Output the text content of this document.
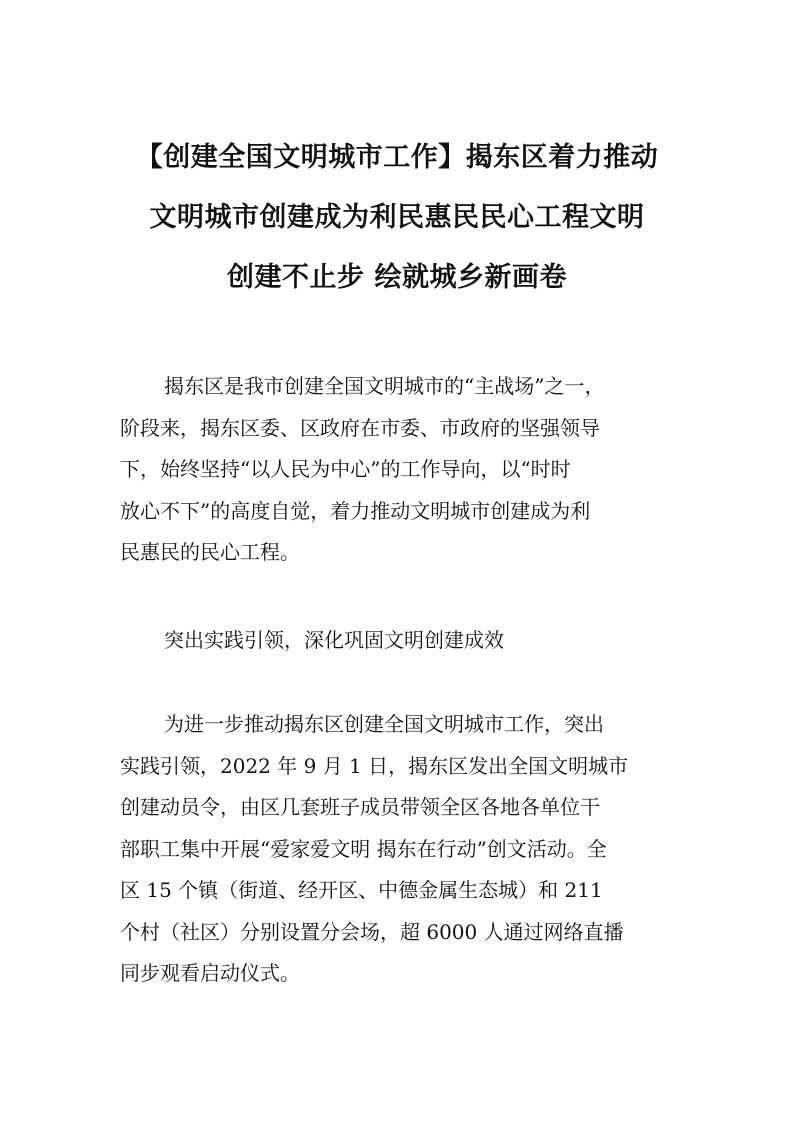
【创建全国文明城市工作】揭东区着力推动
文明城市创建成为利民惠民民心工程文明
创建不止步 绘就城乡新画卷
揭东区是我市创建全国文明城市的“主战场”之一，
阶段来，揭东区委、区政府在市委、市政府的坚强领导
下，始终坚持“以人民为中心”的工作导向，以“时时
放心不下”的高度自觉，着力推动文明城市创建成为利
民惠民的民心工程。
突出实践引领，深化巩固文明创建成效
为进一步推动揭东区创建全国文明城市工作，突出
实践引领，2022 年 9 月 1 日，揭东区发出全国文明城市
创建动员令，由区几套班子成员带领全区各地各单位干
部职工集中开展“爱家爱文明 揭东在行动”创文活动。全
区 15 个镇（街道、经开区、中德金属生态城）和 211
个村（社区）分别设置分会场，超 6000 人通过网络直播
同步观看启动仪式。
